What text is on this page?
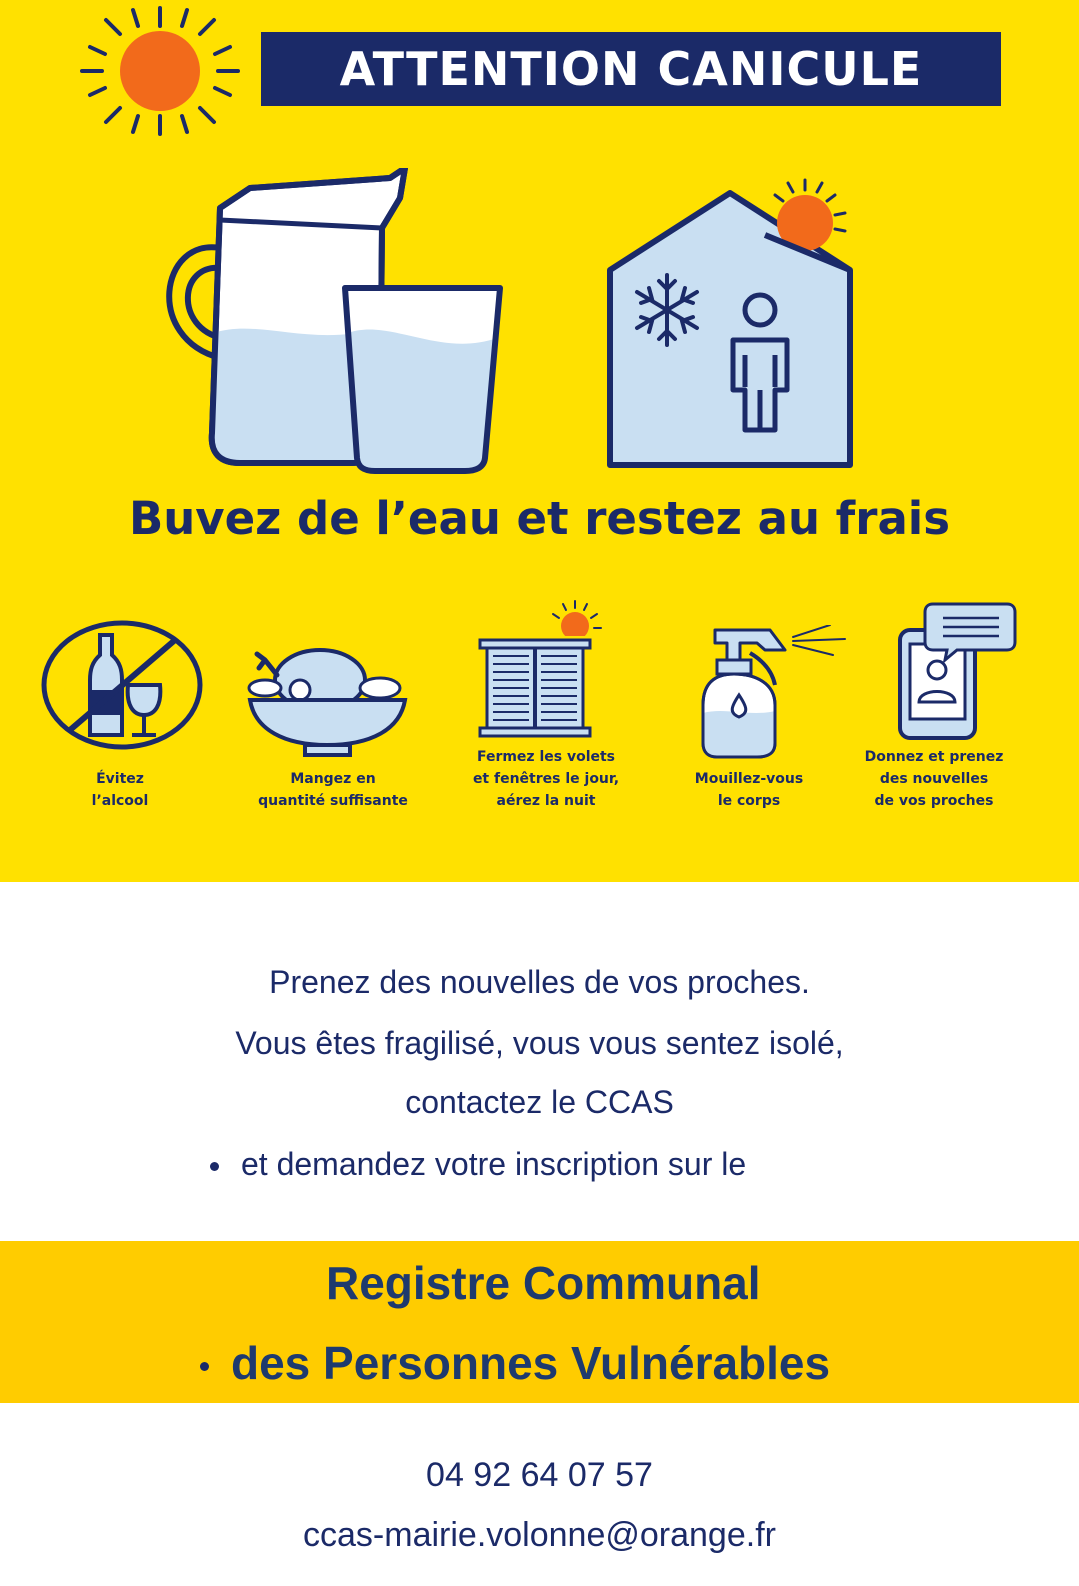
ATTENTION CANICULE
Buvez de l’eau et restez au frais
Évitez
l’alcool
Mangez en
quantité suffisante
Fermez les volets
et fenêtres le jour,
aérez la nuit
Mouillez-vous
le corps
Donnez et prenez
des nouvelles
de vos proches
Prenez des nouvelles de vos proches.
Vous êtes fragilisé, vous vous sentez isolé,
contactez le CCAS
et demandez votre inscription sur le
Registre Communal
des Personnes Vulnérables
04 92 64 07 57
ccas-mairie.volonne@orange.fr
